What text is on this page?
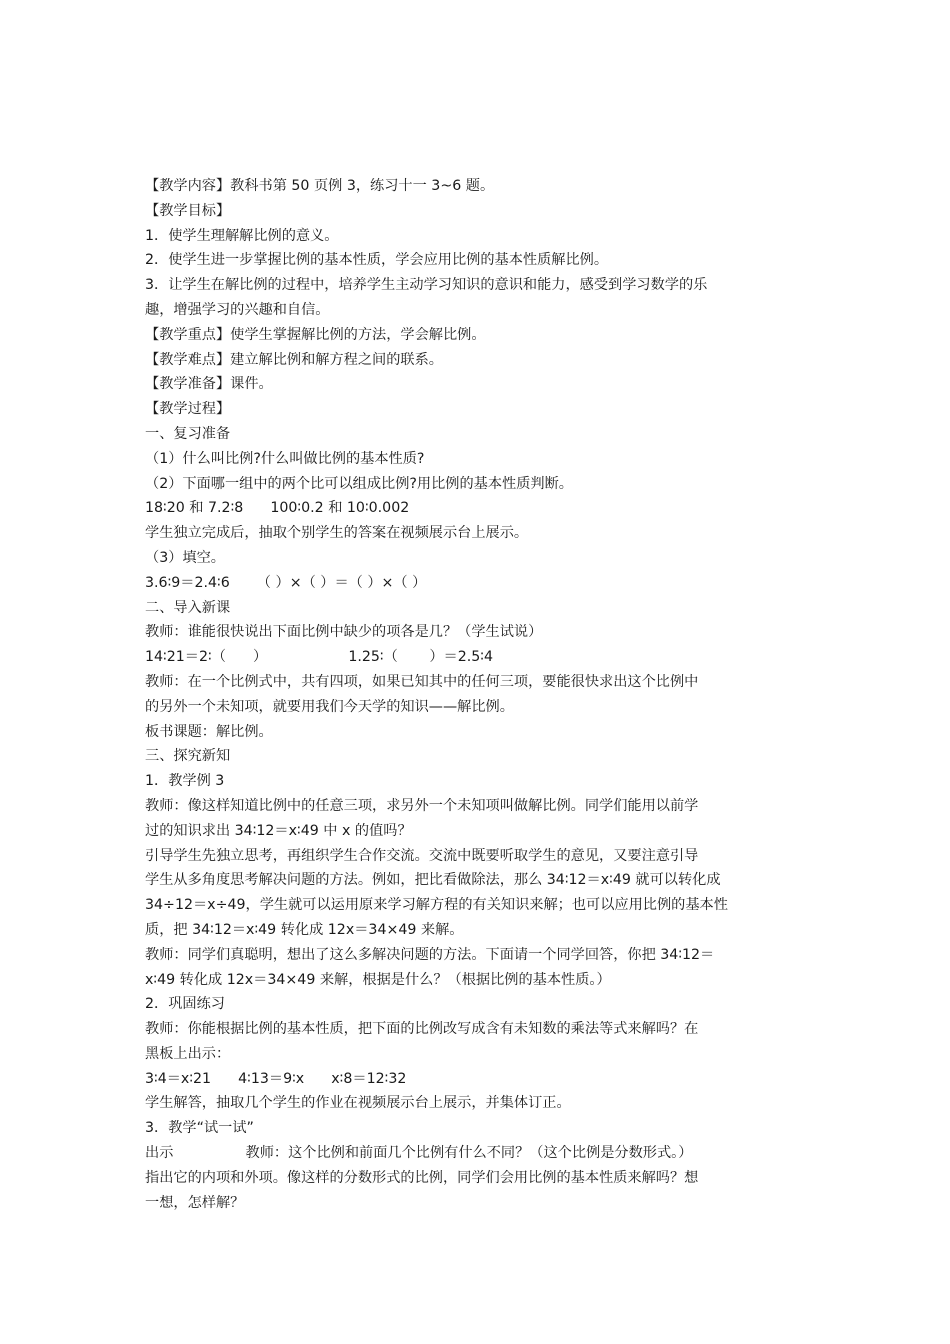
【教学内容】教科书第 50 页例 3，练习十一 3~6 题。

【教学目标】

1．使学生理解解比例的意义。

2．使学生进一步掌握比例的基本性质，学会应用比例的基本性质解比例。

3．让学生在解比例的过程中，培养学生主动学习知识的意识和能力，感受到学习数学的乐

趣，增强学习的兴趣和自信。

【教学重点】使学生掌握解比例的方法，学会解比例。

【教学难点】建立解比例和解方程之间的联系。

【教学准备】课件。

【教学过程】

一、复习准备

（1）什么叫比例?什么叫做比例的基本性质?

（2）下面哪一组中的两个比可以组成比例?用比例的基本性质判断。

18∶20 和 7.2∶8      100∶0.2 和 10∶0.002

学生独立完成后，抽取个别学生的答案在视频展示台上展示。

（3）填空。

3.6∶9＝2.4∶6      （ ）×（ ）＝（ ）×（ ）

二、导入新课

教师：谁能很快说出下面比例中缺少的项各是几？（学生试说）

14∶21＝2∶（      ）                  1.25∶（       ）＝2.5∶4

教师：在一个比例式中，共有四项，如果已知其中的任何三项，要能很快求出这个比例中

的另外一个未知项，就要用我们今天学的知识——解比例。

板书课题：解比例。

三、探究新知

1．教学例 3

教师：像这样知道比例中的任意三项，求另外一个未知项叫做解比例。同学们能用以前学

过的知识求出 34∶12＝x∶49 中 x 的值吗？

引导学生先独立思考，再组织学生合作交流。交流中既要听取学生的意见，又要注意引导

学生从多角度思考解决问题的方法。例如，把比看做除法，那么 34∶12＝x∶49 就可以转化成

34÷12＝x÷49，学生就可以运用原来学习解方程的有关知识来解；也可以应用比例的基本性

质，把 34∶12＝x∶49 转化成 12x＝34×49 来解。

教师：同学们真聪明，想出了这么多解决问题的方法。下面请一个同学回答，你把 34∶12＝

x∶49 转化成 12x＝34×49 来解，根据是什么？（根据比例的基本性质。）

2．巩固练习

教师：你能根据比例的基本性质，把下面的比例改写成含有未知数的乘法等式来解吗？在

黑板上出示：

3∶4＝x∶21      4∶13＝9∶x      x∶8＝12∶32

学生解答，抽取几个学生的作业在视频展示台上展示，并集体订正。

3．教学“试一试”

出示                教师：这个比例和前面几个比例有什么不同？（这个比例是分数形式。）

指出它的内项和外项。像这样的分数形式的比例，同学们会用比例的基本性质来解吗？想

一想，怎样解？
